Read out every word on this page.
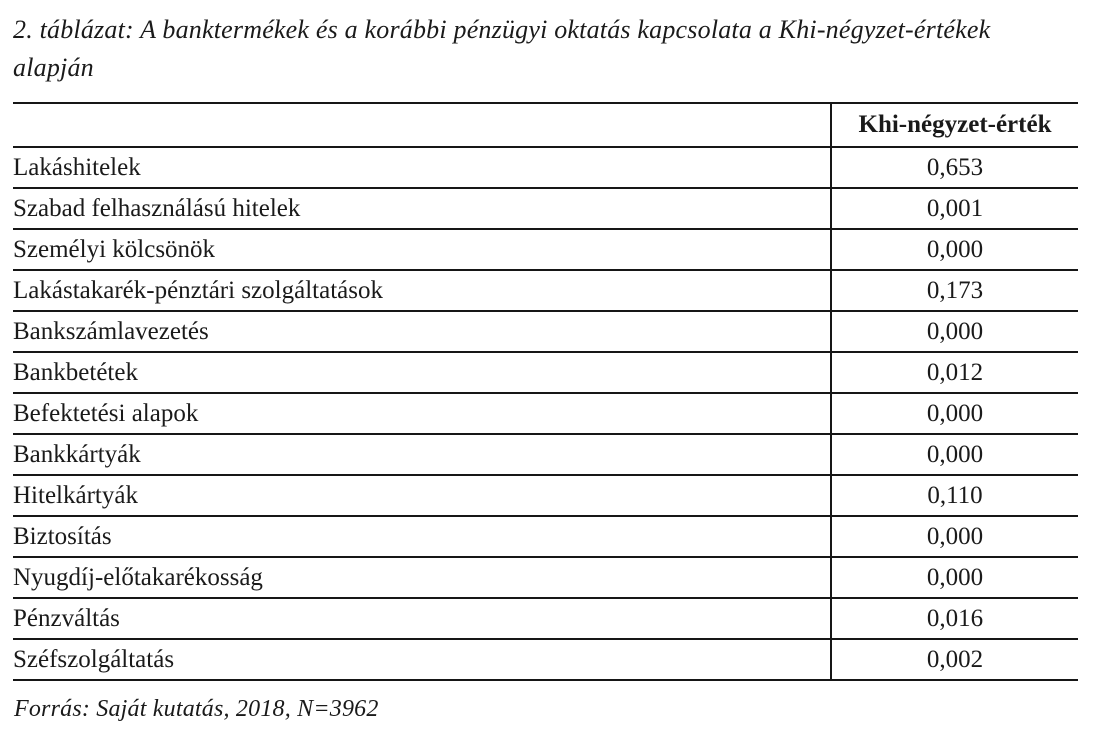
2. táblázat: A banktermékek és a korábbi pénzügyi oktatás kapcsolata a Khi-négyzet-értékek alapján

	Khi-négyzet-érték
Lakáshitelek	0,653
Szabad felhasználású hitelek	0,001
Személyi kölcsönök	0,000
Lakástakarék-pénztári szolgáltatások	0,173
Bankszámlavezetés	0,000
Bankbetétek	0,012
Befektetési alapok	0,000
Bankkártyák	0,000
Hitelkártyák	0,110
Biztosítás	0,000
Nyugdíj-előtakarékosság	0,000
Pénzváltás	0,016
Széfszolgáltatás	0,002

Forrás: Saját kutatás, 2018, N=3962
